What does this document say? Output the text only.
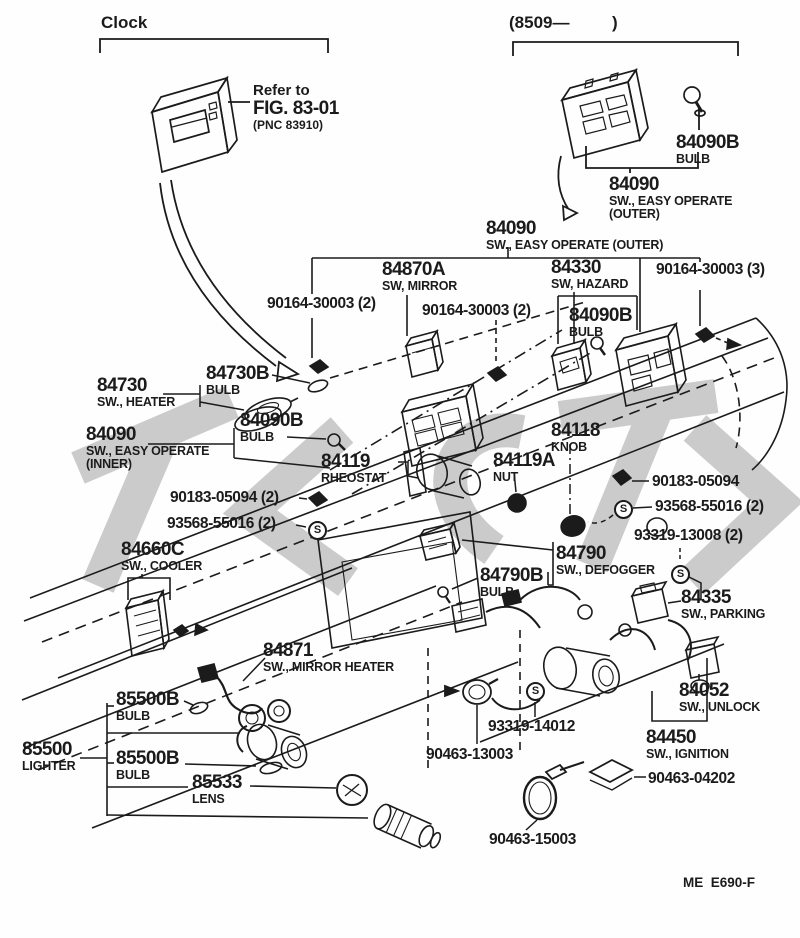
Clock	(8509—         )
Refer to
FIG. 83-01
(PNC 83910)
84090B
BULB
84090
SW., EASY OPERATE
(OUTER)
84090
SW., EASY OPERATE (OUTER)
84870A
SW, MIRROR
84330
SW, HAZARD
90164-30003 (3)
90164-30003 (2)	90164-30003 (2) 84090B
BULB
84730B
BULB
84730
SW., HEATER
84090
SW., EASY OPERATE
(INNER)
84090B
BULB	84118
KNOB
84119
RHEOSTAT
84119A
NUT
90183-05094 (2)
90183-05094
93568-55016 (2)
93568-55016 (2)
93319-13008 (2)
84660C
SW., COOLER
84790
SW., DEFOGGER
84790B
BULB	84335
SW., PARKING
84871
SW., MIRROR HEATER
85500B
BULB
85500
LIGHTER 85500B
BULB	85533
LENS
84052
SW., UNLOCK
84450
SW., IGNITION
93319-14012
90463-13003
90463-04202
90463-15003
S
S
S
S
ME  E690-F
